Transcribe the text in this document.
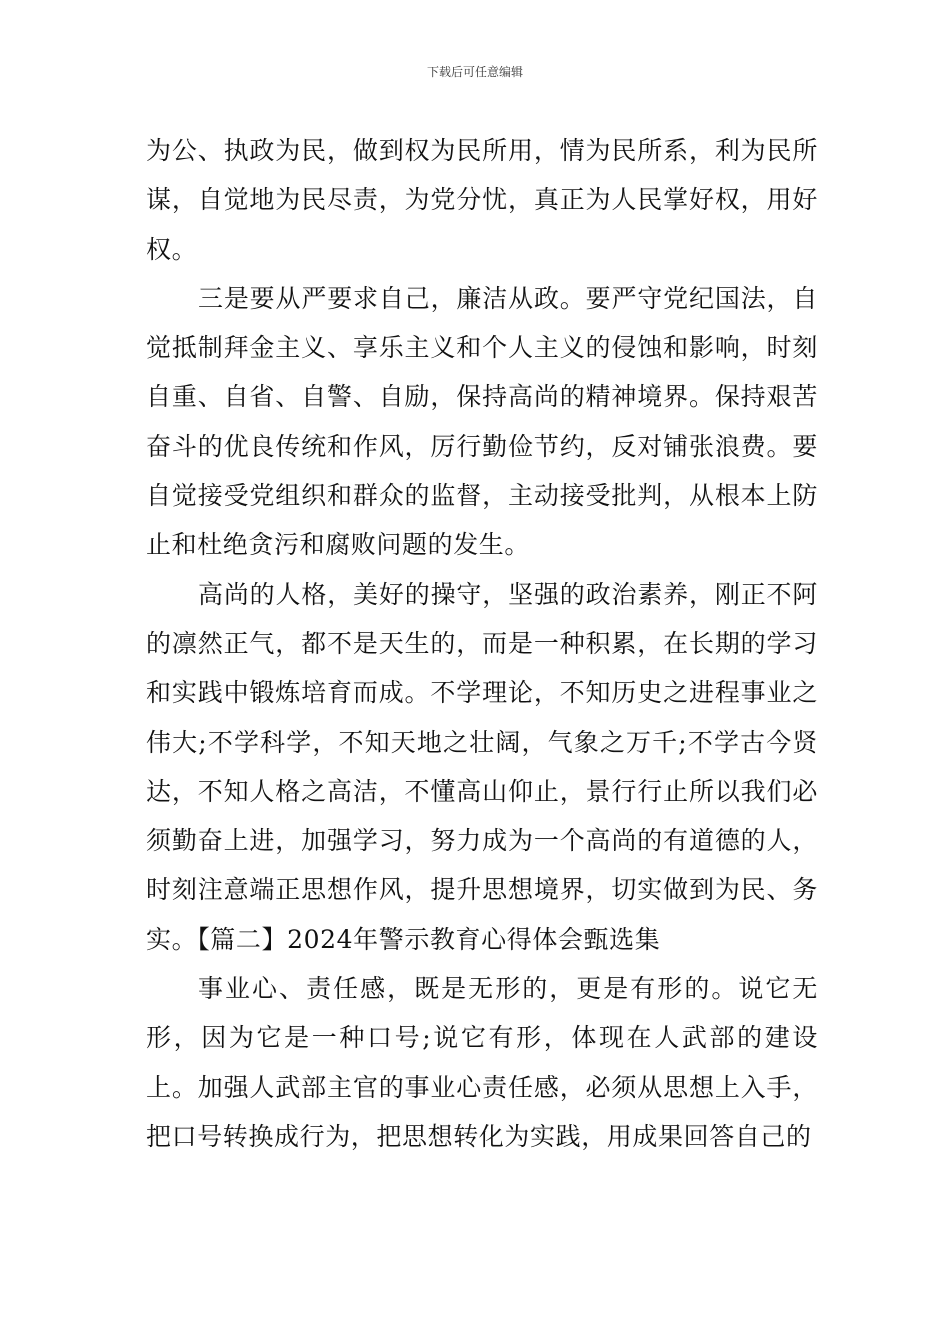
下载后可任意编辑

为公、执政为民，做到权为民所用，情为民所系，利为民所谋，自觉地为民尽责，为党分忧，真正为人民掌好权，用好权。

三是要从严要求自己，廉洁从政。要严守党纪国法，自觉抵制拜金主义、享乐主义和个人主义的侵蚀和影响，时刻自重、自省、自警、自励，保持高尚的精神境界。保持艰苦奋斗的优良传统和作风，厉行勤俭节约，反对铺张浪费。要自觉接受党组织和群众的监督，主动接受批判，从根本上防止和杜绝贪污和腐败问题的发生。

高尚的人格，美好的操守，坚强的政治素养，刚正不阿的凛然正气，都不是天生的，而是一种积累，在长期的学习和实践中锻炼培育而成。不学理论，不知历史之进程事业之伟大;不学科学，不知天地之壮阔，气象之万千;不学古今贤达，不知人格之高洁，不懂高山仰止，景行行止所以我们必须勤奋上进，加强学习，努力成为一个高尚的有道德的人，时刻注意端正思想作风，提升思想境界，切实做到为民、务实。【篇二】2024年警示教育心得体会甄选集

事业心、责任感，既是无形的，更是有形的。说它无形，因为它是一种口号;说它有形，体现在人武部的建设上。加强人武部主官的事业心责任感，必须从思想上入手，把口号转换成行为，把思想转化为实践，用成果回答自己的
